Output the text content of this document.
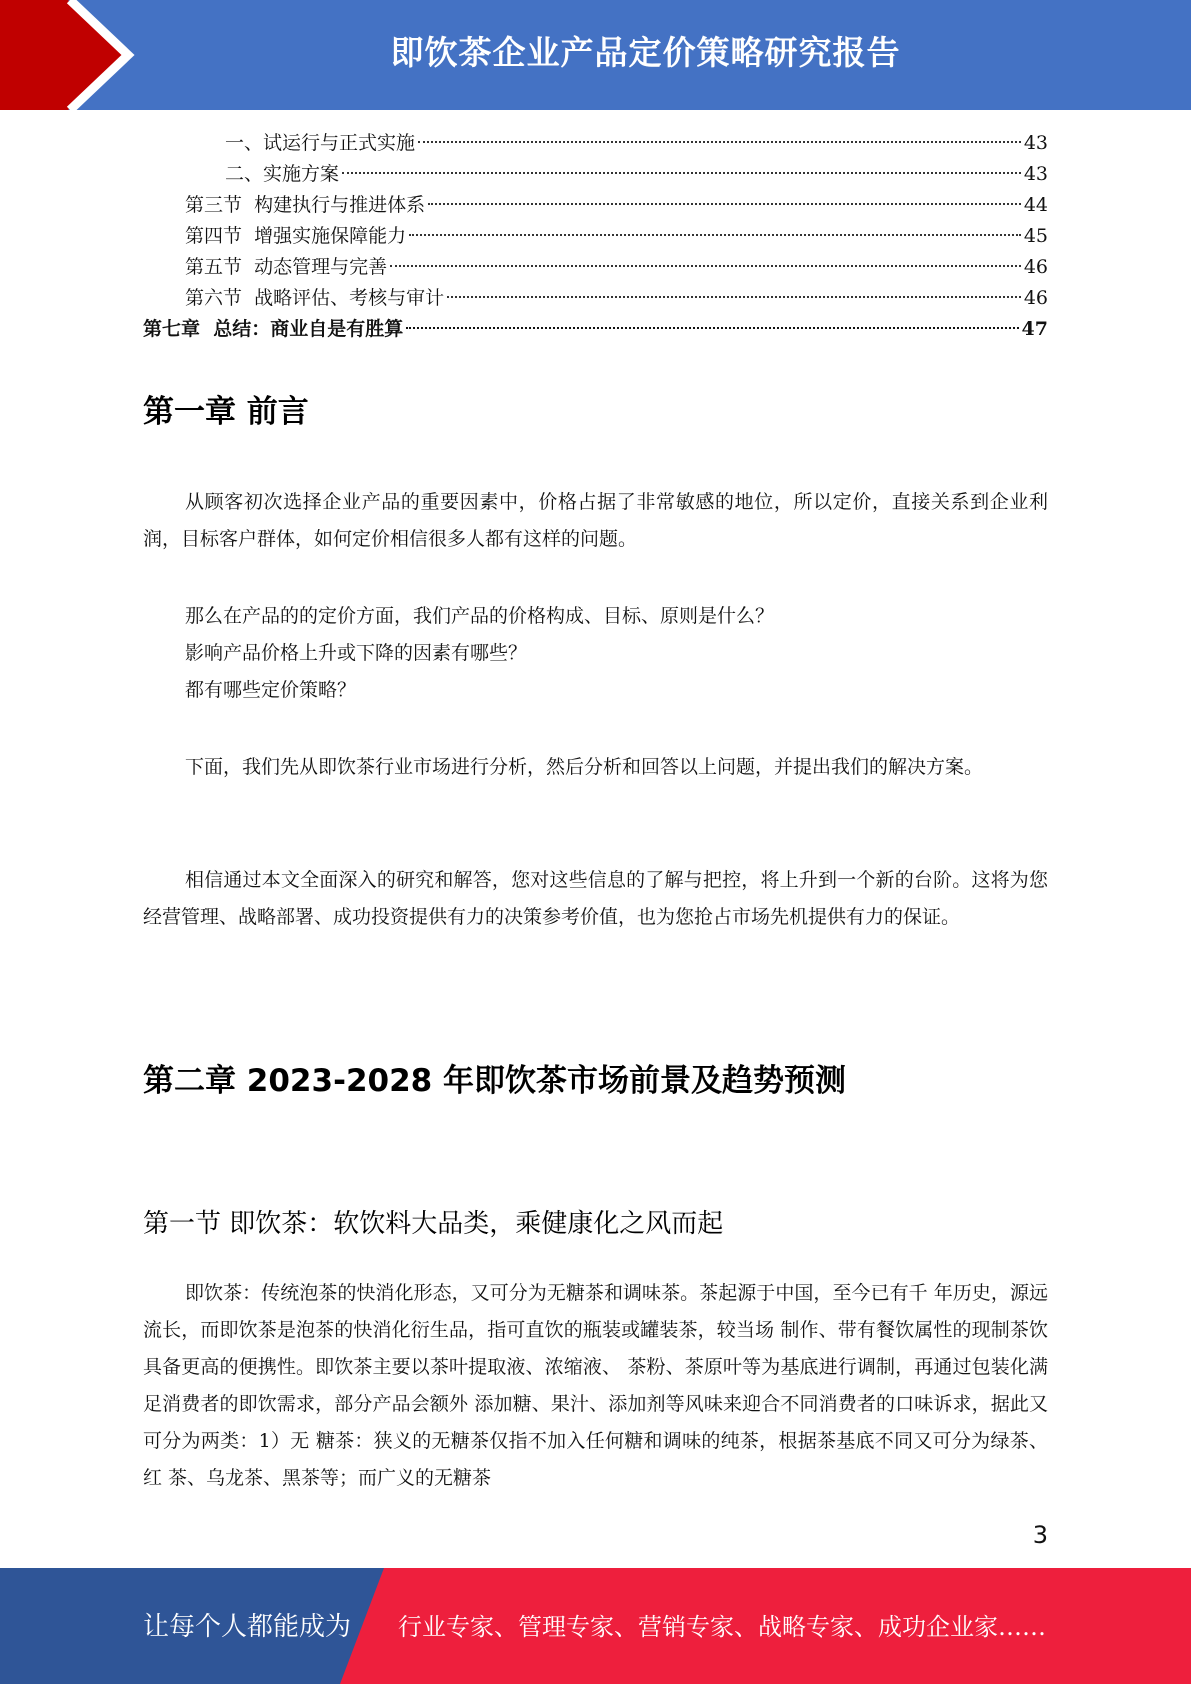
即饮茶企业产品定价策略研究报告
一、试运行与正式实施	43
二、实施方案	43
第三节  构建执行与推进体系	44
第四节  增强实施保障能力	45
第五节  动态管理与完善	46
第六节  战略评估、考核与审计	46
第七章  总结：商业自是有胜算	47
第一章 前言

从顾客初次选择企业产品的重要因素中，价格占据了非常敏感的地位，所以定价，直接关系到企业利润，目标客户群体，如何定价相信很多人都有这样的问题。

那么在产品的的定价方面，我们产品的价格构成、目标、原则是什么？
影响产品价格上升或下降的因素有哪些？
都有哪些定价策略？

下面，我们先从即饮茶行业市场进行分析，然后分析和回答以上问题，并提出我们的解决方案。

相信通过本文全面深入的研究和解答，您对这些信息的了解与把控，将上升到一个新的台阶。这将为您经营管理、战略部署、成功投资提供有力的决策参考价值，也为您抢占市场先机提供有力的保证。

第二章 2023-2028 年即饮茶市场前景及趋势预测
第一节 即饮茶：软饮料大品类，乘健康化之风而起

即饮茶：传统泡茶的快消化形态，又可分为无糖茶和调味茶。茶起源于中国，至今已有千 年历史，源远流长，而即饮茶是泡茶的快消化衍生品，指可直饮的瓶装或罐装茶，较当场 制作、带有餐饮属性的现制茶饮具备更高的便携性。即饮茶主要以茶叶提取液、浓缩液、 茶粉、茶原叶等为基底进行调制，再通过包装化满足消费者的即饮需求，部分产品会额外 添加糖、果汁、添加剂等风味来迎合不同消费者的口味诉求，据此又可分为两类：1）无 糖茶：狭义的无糖茶仅指不加入任何糖和调味的纯茶，根据茶基底不同又可分为绿茶、红 茶、乌龙茶、黑茶等；而广义的无糖茶

3
让每个人都能成为 行业专家、管理专家、营销专家、战略专家、成功企业家……
